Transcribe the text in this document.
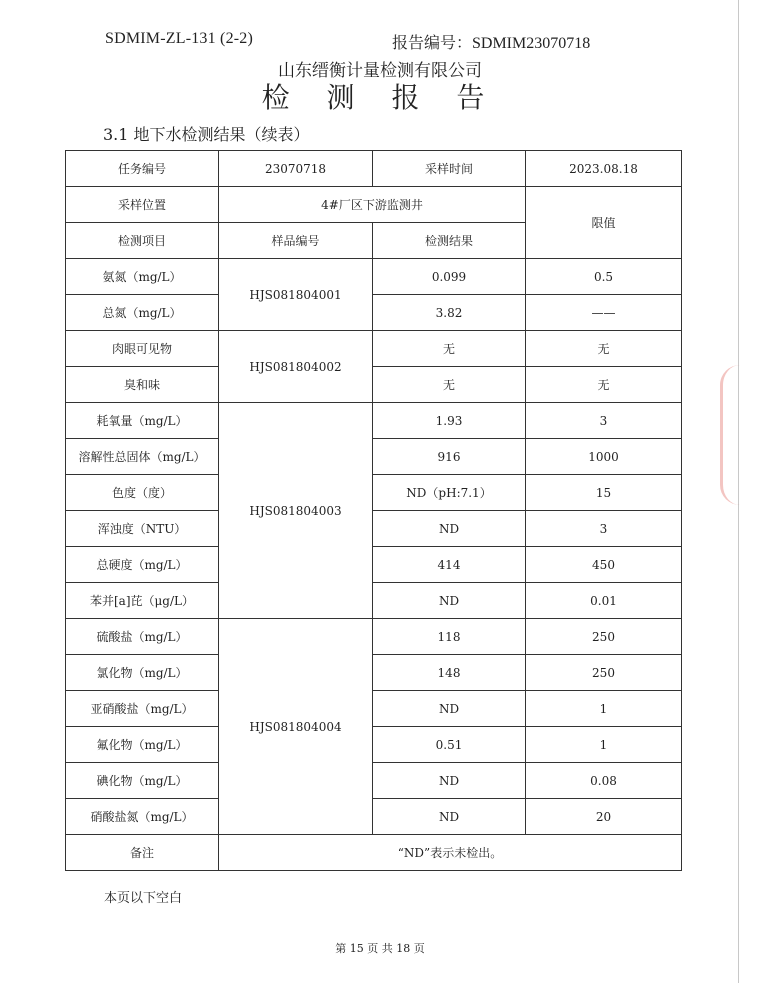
SDMIM-ZL-131 (2-2)	报告编号：SDMIM23070718
山东缙衡计量检测有限公司
检 测 报 告
3.1 地下水检测结果（续表）
任务编号	23070718	采样时间	2023.08.18
采样位置	4#厂区下游监测井		限值
检测项目	样品编号	检测结果	
氨氮（mg/L）	HJS081804001	0.099	0.5
总氮（mg/L）		3.82	——
肉眼可见物	HJS081804002	无	无
臭和味		无	无
耗氧量（mg/L）	HJS081804003	1.93	3
溶解性总固体（mg/L）		916	1000
色度（度）		ND（pH:7.1）	15
浑浊度（NTU）		ND	3
总硬度（mg/L）		414	450
苯并[a]芘（μg/L）		ND	0.01
硫酸盐（mg/L）	HJS081804004	118	250
氯化物（mg/L）		148	250
亚硝酸盐（mg/L）		ND	1
氟化物（mg/L）		0.51	1
碘化物（mg/L）		ND	0.08
硝酸盐氮（mg/L）		ND	20
备注	“ND”表示未检出。		
本页以下空白
第 15 页 共 18 页
